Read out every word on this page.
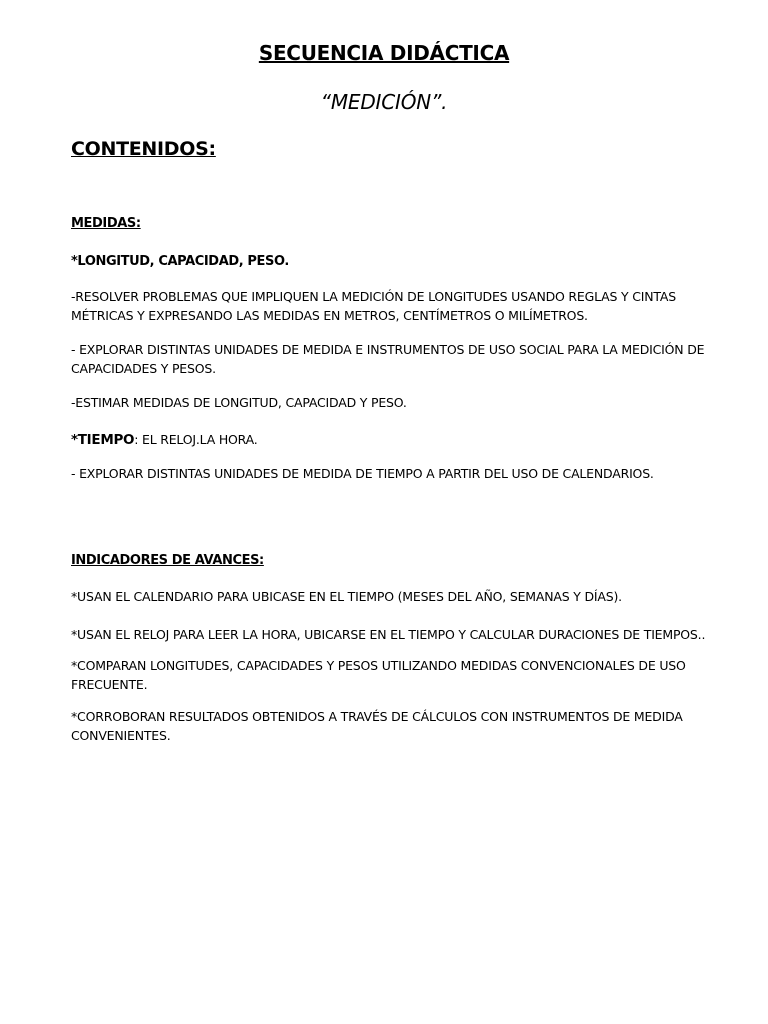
SECUENCIA DIDÁCTICA

“MEDICIÓN”.

CONTENIDOS:

MEDIDAS:

*LONGITUD, CAPACIDAD, PESO.

-RESOLVER PROBLEMAS QUE IMPLIQUEN LA MEDICIÓN DE LONGITUDES USANDO REGLAS Y CINTAS MÉTRICAS Y EXPRESANDO LAS MEDIDAS EN METROS, CENTÍMETROS O MILÍMETROS.

- EXPLORAR DISTINTAS UNIDADES DE MEDIDA E INSTRUMENTOS DE USO SOCIAL PARA LA MEDICIÓN DE CAPACIDADES Y PESOS.

-ESTIMAR MEDIDAS DE LONGITUD, CAPACIDAD Y PESO.

*TIEMPO: EL RELOJ.LA HORA.

- EXPLORAR DISTINTAS UNIDADES DE MEDIDA DE TIEMPO A PARTIR DEL USO DE CALENDARIOS.

INDICADORES DE AVANCES:

*USAN EL CALENDARIO PARA UBICASE EN EL TIEMPO (MESES DEL AÑO, SEMANAS Y DÍAS).

*USAN EL RELOJ PARA LEER LA HORA, UBICARSE EN EL TIEMPO Y CALCULAR DURACIONES DE TIEMPOS..

*COMPARAN LONGITUDES, CAPACIDADES Y PESOS UTILIZANDO MEDIDAS CONVENCIONALES DE USO FRECUENTE.

*CORROBORAN RESULTADOS OBTENIDOS A TRAVÉS DE CÁLCULOS CON INSTRUMENTOS DE MEDIDA CONVENIENTES.
